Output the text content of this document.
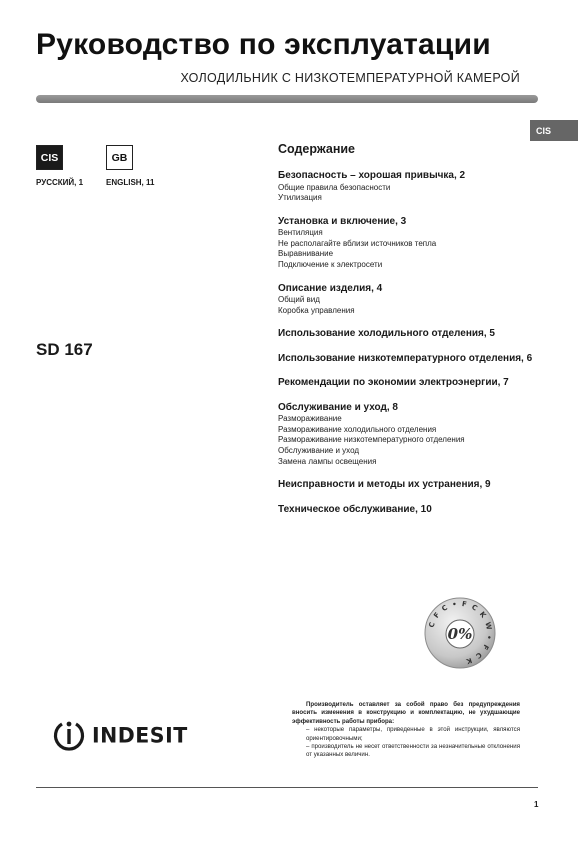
Руководство по эксплуатации
ХОЛОДИЛЬНИК С НИЗКОТЕМПЕРАТУРНОЙ КАМЕРОЙ
CIS
CIS	GB
РУССКИЙ, 1	ENGLISH, 11
SD 167
Содержание
Безопасность – хорошая привычка, 2
Общие правила безопасности
Утилизация
Установка и включение, 3
Вентиляция
Не располагайте вблизи источников тепла
Выравнивание
Подключение к электросети
Описание изделия, 4
Общий вид
Коробка управления
Использование холодильного отделения, 5
Использование низкотемпературного отделения, 6
Рекомендации по экономии электроэнергии, 7
Обслуживание и уход, 8
Размораживание
Размораживание холодильного отделения
Размораживание низкотемпературного отделения
Обслуживание и уход
Замена лампы освещения
Неисправности и методы их устранения, 9
Техническое обслуживание, 10
C F C • F C K W • F C K
0%
Производитель оставляет за собой право без предупреждения вносить изменения в конструкцию и комплектацию, не ухудшающие эффективность работы прибора:
– некоторые параметры, приведенные в этой инструкции, являются ориентировочными;
– производитель не несет ответственности за незначительные отклонения от указанных величин.
INDESIT
1
